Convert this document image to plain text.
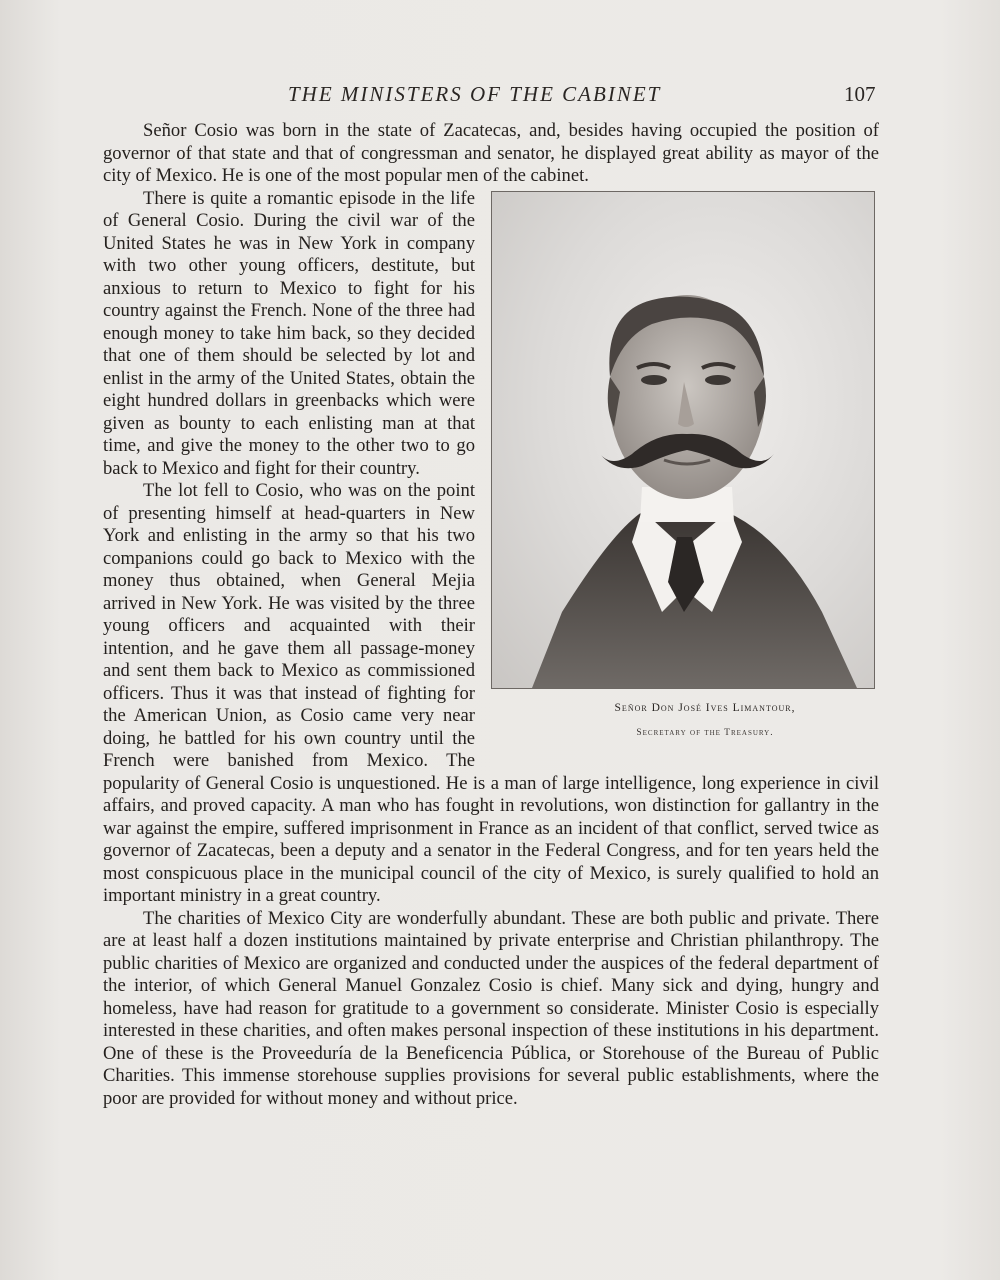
THE MINISTERS OF THE CABINET	107

Señor Cosio was born in the state of Zacatecas, and, besides having occupied the position of governor of that state and that of congressman and senator, he displayed great ability as mayor of the city of Mexico. He is one of the most popular men of the cabinet.

Señor Don José Ives Limantour,
Secretary of the Treasury.
There is quite a romantic episode in the life of General Cosio. During the civil war of the United States he was in New York in company with two other young officers, destitute, but anxious to return to Mexico to fight for his country against the French. None of the three had enough money to take him back, so they decided that one of them should be selected by lot and enlist in the army of the United States, obtain the eight hundred dollars in greenbacks which were given as bounty to each enlisting man at that time, and give the money to the other two to go back to Mexico and fight for their country.

The lot fell to Cosio, who was on the point of presenting himself at head-quarters in New York and enlisting in the army so that his two companions could go back to Mexico with the money thus obtained, when General Mejia arrived in New York. He was visited by the three young officers and acquainted with their intention, and he gave them all passage-money and sent them back to Mexico as commissioned officers. Thus it was that instead of fighting for the American Union, as Cosio came very near doing, he battled for his own country until the French were banished from Mexico. The popularity of General Cosio is unquestioned. He is a man of large intelligence, long experience in civil affairs, and proved capacity. A man who has fought in revolutions, won distinction for gallantry in the war against the empire, suffered imprisonment in France as an incident of that conflict, served twice as governor of Zacatecas, been a deputy and a senator in the Federal Congress, and for ten years held the most conspicuous place in the municipal council of the city of Mexico, is surely qualified to hold an important ministry in a great country.

The charities of Mexico City are wonderfully abundant. These are both public and private. There are at least half a dozen institutions maintained by private enterprise and Christian philanthropy. The public charities of Mexico are organized and conducted under the auspices of the federal department of the interior, of which General Manuel Gonzalez Cosio is chief. Many sick and dying, hungry and homeless, have had reason for gratitude to a government so considerate. Minister Cosio is especially interested in these charities, and often makes personal inspection of these institutions in his department. One of these is the Proveeduría de la Beneficencia Pública, or Storehouse of the Bureau of Public Charities. This immense storehouse supplies provisions for several public establishments, where the poor are provided for without money and without price.
